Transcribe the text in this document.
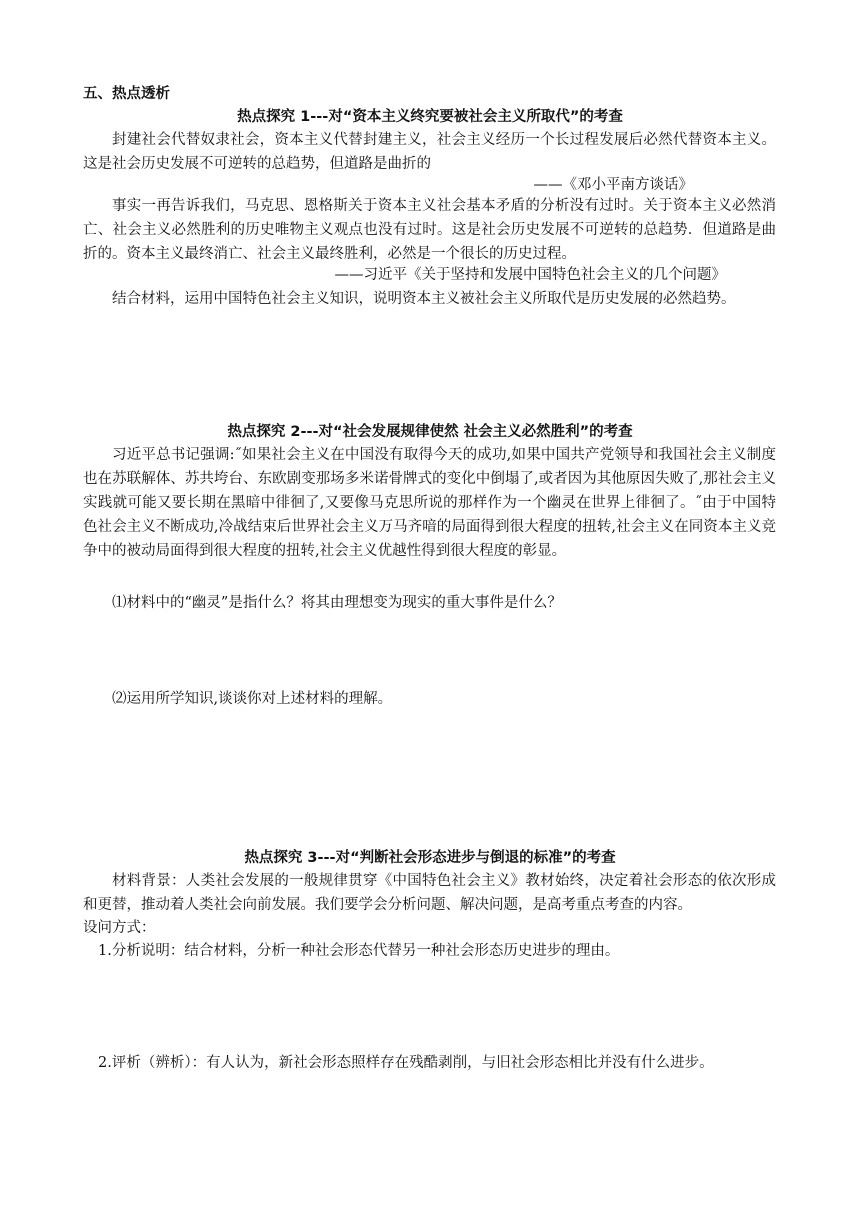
五、热点透析
热点探究 1---对“资本主义终究要被社会主义所取代”的考查
封建社会代替奴隶社会，资本主义代替封建主义，社会主义经历一个长过程发展后必然代替资本主义。这是社会历史发展不可逆转的总趋势，但道路是曲折的
——《邓小平南方谈话》
事实一再告诉我们，马克思、恩格斯关于资本主义社会基本矛盾的分析没有过时。关于资本主义必然消亡、社会主义必然胜利的历史唯物主义观点也没有过时。这是社会历史发展不可逆转的总趋势．但道路是曲折的。资本主义最终消亡、社会主义最终胜利，必然是一个很长的历史过程。
——习近平《关于坚持和发展中国特色社会主义的几个问题》
结合材料，运用中国特色社会主义知识，说明资本主义被社会主义所取代是历史发展的必然趋势。
热点探究 2---对“社会发展规律使然 社会主义必然胜利”的考查
习近平总书记强调:˝如果社会主义在中国没有取得今天的成功,如果中国共产党领导和我国社会主义制度也在苏联解体、苏共垮台、东欧剧变那场多米诺骨牌式的变化中倒塌了,或者因为其他原因失败了,那社会主义实践就可能又要长期在黑暗中徘徊了,又要像马克思所说的那样作为一个幽灵在世界上徘徊了。˝由于中国特色社会主义不断成功,冷战结束后世界社会主义万马齐喑的局面得到很大程度的扭转,社会主义在同资本主义竞争中的被动局面得到很大程度的扭转,社会主义优越性得到很大程度的彰显。
⑴材料中的“幽灵”是指什么？将其由理想变为现实的重大事件是什么？
⑵运用所学知识,谈谈你对上述材料的理解。
热点探究 3---对“判断社会形态进步与倒退的标准”的考查
材料背景：人类社会发展的一般规律贯穿《中国特色社会主义》教材始终，决定着社会形态的依次形成和更替，推动着人类社会向前发展。我们要学会分析问题、解决问题，是高考重点考查的内容。
设问方式：
1.分析说明：结合材料，分析一种社会形态代替另一种社会形态历史进步的理由。
2.评析（辨析）：有人认为，新社会形态照样存在残酷剥削，与旧社会形态相比并没有什么进步。
